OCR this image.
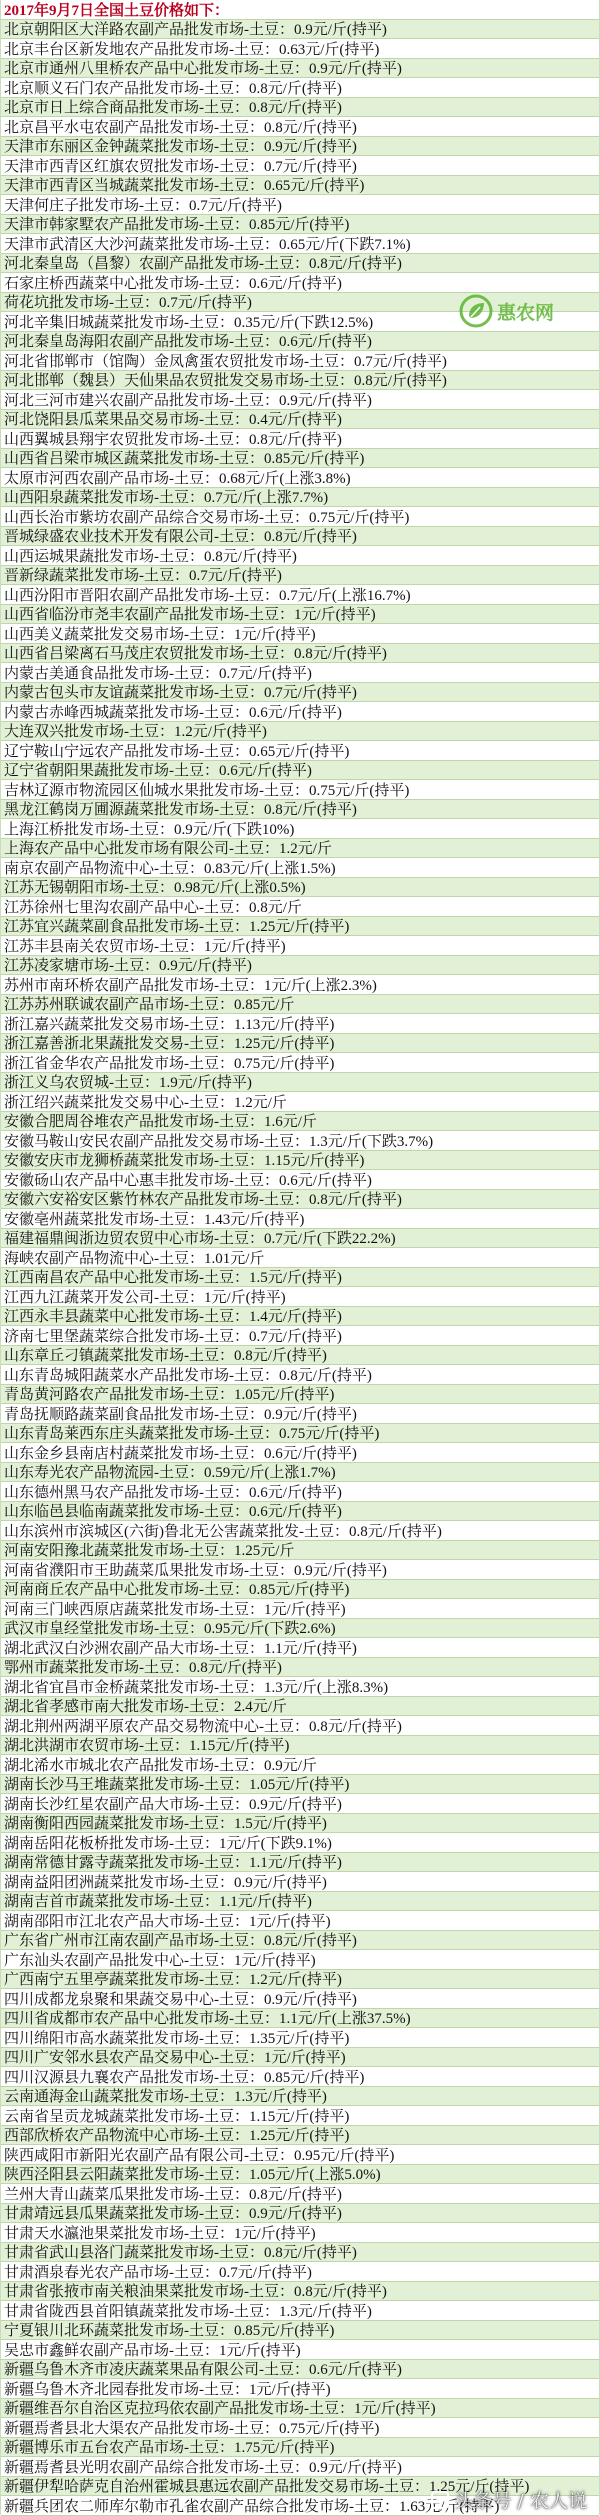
2017年9月7日全国土豆价格如下：
北京朝阳区大洋路农副产品批发市场-土豆：0.9元/斤(持平)
北京丰台区新发地农产品批发市场-土豆：0.63元/斤(持平)
北京市通州八里桥农产品中心批发市场-土豆：0.9元/斤(持平)
北京顺义石门农产品批发市场-土豆：0.8元/斤(持平)
北京市日上综合商品批发市场-土豆：0.8元/斤(持平)
北京昌平水屯农副产品批发市场-土豆：0.8元/斤(持平)
天津市东丽区金钟蔬菜批发市场-土豆：0.9元/斤(持平)
天津市西青区红旗农贸批发市场-土豆：0.7元/斤(持平)
天津市西青区当城蔬菜批发市场-土豆：0.65元/斤(持平)
天津何庄子批发市场-土豆：0.7元/斤(持平)
天津市韩家墅农产品批发市场-土豆：0.85元/斤(持平)
天津市武清区大沙河蔬菜批发市场-土豆：0.65元/斤(下跌7.1%)
河北秦皇岛（昌黎）农副产品批发市场-土豆：0.8元/斤(持平)
石家庄桥西蔬菜中心批发市场-土豆：0.6元/斤(持平)
荷花坑批发市场-土豆：0.7元/斤(持平)
河北辛集旧城蔬菜批发市场-土豆：0.35元/斤(下跌12.5%)
河北秦皇岛海阳农副产品批发市场-土豆：0.6元/斤(持平)
河北省邯郸市（馆陶）金凤禽蛋农贸批发市场-土豆：0.7元/斤(持平)
河北邯郸（魏县）天仙果品农贸批发交易市场-土豆：0.8元/斤(持平)
河北三河市建兴农副产品批发市场-土豆：0.9元/斤(持平)
河北饶阳县瓜菜果品交易市场-土豆：0.4元/斤(持平)
山西翼城县翔宇农贸批发市场-土豆：0.8元/斤(持平)
山西省吕梁市城区蔬菜批发市场-土豆：0.85元/斤(持平)
太原市河西农副产品市场-土豆：0.68元/斤(上涨3.8%)
山西阳泉蔬菜批发市场-土豆：0.7元/斤(上涨7.7%)
山西长治市紫坊农副产品综合交易市场-土豆：0.75元/斤(持平)
晋城绿盛农业技术开发有限公司-土豆：0.8元/斤(持平)
山西运城果蔬批发市场-土豆：0.8元/斤(持平)
晋新绿蔬菜批发市场-土豆：0.7元/斤(持平)
山西汾阳市晋阳农副产品批发市场-土豆：0.7元/斤(上涨16.7%)
山西省临汾市尧丰农副产品批发市场-土豆：1元/斤(持平)
山西美义蔬菜批发交易市场-土豆：1元/斤(持平)
山西省吕梁离石马茂庄农贸批发市场-土豆：0.8元/斤(持平)
内蒙古美通食品批发市场-土豆：0.7元/斤(持平)
内蒙古包头市友谊蔬菜批发市场-土豆：0.7元/斤(持平)
内蒙古赤峰西城蔬菜批发市场-土豆：0.6元/斤(持平)
大连双兴批发市场-土豆：1.2元/斤(持平)
辽宁鞍山宁远农产品批发市场-土豆：0.65元/斤(持平)
辽宁省朝阳果蔬批发市场-土豆：0.6元/斤(持平)
吉林辽源市物流园区仙城水果批发市场-土豆：0.75元/斤(持平)
黑龙江鹤岗万圃源蔬菜批发市场-土豆：0.8元/斤(持平)
上海江桥批发市场-土豆：0.9元/斤(下跌10%)
上海农产品中心批发市场有限公司-土豆：1.2元/斤
南京农副产品物流中心-土豆：0.83元/斤(上涨1.5%)
江苏无锡朝阳市场-土豆：0.98元/斤(上涨0.5%)
江苏徐州七里沟农副产品中心-土豆：0.8元/斤
江苏宜兴蔬菜副食品批发市场-土豆：1.25元/斤(持平)
江苏丰县南关农贸市场-土豆：1元/斤(持平)
江苏凌家塘市场-土豆：0.9元/斤(持平)
苏州市南环桥农副产品批发市场-土豆：1元/斤(上涨2.3%)
江苏苏州联诚农副产品市场-土豆：0.85元/斤
浙江嘉兴蔬菜批发交易市场-土豆：1.13元/斤(持平)
浙江嘉善浙北果蔬批发交易-土豆：1.25元/斤(持平)
浙江省金华农产品批发市场-土豆：0.75元/斤(持平)
浙江义乌农贸城-土豆：1.9元/斤(持平)
浙江绍兴蔬菜批发交易中心-土豆：1.2元/斤
安徽合肥周谷堆农产品批发市场-土豆：1.6元/斤
安徽马鞍山安民农副产品批发交易市场-土豆：1.3元/斤(下跌3.7%)
安徽安庆市龙狮桥蔬菜批发市场-土豆：1.15元/斤(持平)
安徽砀山农产品中心惠丰批发市场-土豆：0.6元/斤(持平)
安徽六安裕安区紫竹林农产品批发市场-土豆：0.8元/斤(持平)
安徽亳州蔬菜批发市场-土豆：1.43元/斤(持平)
福建福鼎闽浙边贸农贸中心市场-土豆：0.7元/斤(下跌22.2%)
海峡农副产品物流中心-土豆：1.01元/斤
江西南昌农产品中心批发市场-土豆：1.5元/斤(持平)
江西九江蔬菜开发公司-土豆：1元/斤(持平)
江西永丰县蔬菜中心批发市场-土豆：1.4元/斤(持平)
济南七里堡蔬菜综合批发市场-土豆：0.7元/斤(持平)
山东章丘刁镇蔬菜批发市场-土豆：0.8元/斤(持平)
山东青岛城阳蔬菜水产品批发市场-土豆：0.8元/斤(持平)
青岛黄河路农产品批发市场-土豆：1.05元/斤(持平)
青岛抚顺路蔬菜副食品批发市场-土豆：0.9元/斤(持平)
山东青岛莱西东庄头蔬菜批发市场-土豆：0.75元/斤(持平)
山东金乡县南店村蔬菜批发市场-土豆：0.6元/斤(持平)
山东寿光农产品物流园-土豆：0.59元/斤(上涨1.7%)
山东德州黑马农产品批发市场-土豆：0.6元/斤(持平)
山东临邑县临南蔬菜批发市场-土豆：0.6元/斤(持平)
山东滨州市滨城区(六街)鲁北无公害蔬菜批发-土豆：0.8元/斤(持平)
河南安阳豫北蔬菜批发市场-土豆：1.25元/斤
河南省濮阳市王助蔬菜瓜果批发市场-土豆：0.9元/斤(持平)
河南商丘农产品中心批发市场-土豆：0.85元/斤(持平)
河南三门峡西原店蔬菜批发市场-土豆：1元/斤(持平)
武汉市皇经堂批发市场-土豆：0.95元/斤(下跌2.6%)
湖北武汉白沙洲农副产品大市场-土豆：1.1元/斤(持平)
鄂州市蔬菜批发市场-土豆：0.8元/斤(持平)
湖北省宜昌市金桥蔬菜批发市场-土豆：1.3元/斤(上涨8.3%)
湖北省孝感市南大批发市场-土豆：2.4元/斤
湖北荆州两湖平原农产品交易物流中心-土豆：0.8元/斤(持平)
湖北洪湖市农贸市场-土豆：1.15元/斤(持平)
湖北浠水市城北农产品批发市场-土豆：0.9元/斤
湖南长沙马王堆蔬菜批发市场-土豆：1.05元/斤(持平)
湖南长沙红星农副产品大市场-土豆：0.9元/斤(持平)
湖南衡阳西园蔬菜批发市场-土豆：1.5元/斤(持平)
湖南岳阳花板桥批发市场-土豆：1元/斤(下跌9.1%)
湖南常德甘露寺蔬菜批发市场-土豆：1.1元/斤(持平)
湖南益阳团洲蔬菜批发市场-土豆：0.9元/斤(持平)
湖南吉首市蔬菜批发市场-土豆：1.1元/斤(持平)
湖南邵阳市江北农产品大市场-土豆：1元/斤(持平)
广东省广州市江南农副产品市场-土豆：0.8元/斤(持平)
广东汕头农副产品批发中心-土豆：1元/斤(持平)
广西南宁五里亭蔬菜批发市场-土豆：1.2元/斤(持平)
四川成都龙泉聚和果蔬交易中心-土豆：0.9元/斤(持平)
四川省成都市农产品中心批发市场-土豆：1.1元/斤(上涨37.5%)
四川绵阳市高水蔬菜批发市场-土豆：1.35元/斤(持平)
四川广安邻水县农产品交易中心-土豆：1元/斤(持平)
四川汉源县九襄农产品批发市场-土豆：0.85元/斤(持平)
云南通海金山蔬菜批发市场-土豆：1.3元/斤(持平)
云南省呈贡龙城蔬菜批发市场-土豆：1.15元/斤(持平)
西部欣桥农产品物流中心市场-土豆：1.25元/斤(持平)
陕西咸阳市新阳光农副产品有限公司-土豆：0.95元/斤(持平)
陕西泾阳县云阳蔬菜批发市场-土豆：1.05元/斤(上涨5.0%)
兰州大青山蔬菜瓜果批发市场-土豆：0.8元/斤(持平)
甘肃靖远县瓜果蔬菜批发市场-土豆：0.9元/斤(持平)
甘肃天水瀛池果菜批发市场-土豆：1元/斤(持平)
甘肃省武山县洛门蔬菜批发市场-土豆：0.8元/斤(持平)
甘肃酒泉春光农产品市场-土豆：0.7元/斤(持平)
甘肃省张掖市南关粮油果菜批发市场-土豆：0.8元/斤(持平)
甘肃省陇西县首阳镇蔬菜批发市场-土豆：1.3元/斤(持平)
宁夏银川北环蔬菜批发市场-土豆：0.85元/斤(持平)
吴忠市鑫鲜农副产品市场-土豆：1元/斤(持平)
新疆乌鲁木齐市凌庆蔬菜果品有限公司-土豆：0.6元/斤(持平)
新疆乌鲁木齐北园春批发市场-土豆：1元/斤(持平)
新疆维吾尔自治区克拉玛依农副产品批发市场-土豆：1元/斤(持平)
新疆焉耆县北大渠农产品批发市场-土豆：0.75元/斤(持平)
新疆博乐市五台农产品市场-土豆：1.75元/斤(持平)
新疆焉耆县光明农副产品综合批发市场-土豆：0.9元/斤(持平)
新疆伊犁哈萨克自治州霍城县惠远农副产品批发交易市场-土豆：1.25元/斤(持平)
新疆兵团农二师库尔勒市孔雀农副产品综合批发市场-土豆：1.63元/斤(持平)
惠农网
头条号 / 农人说
